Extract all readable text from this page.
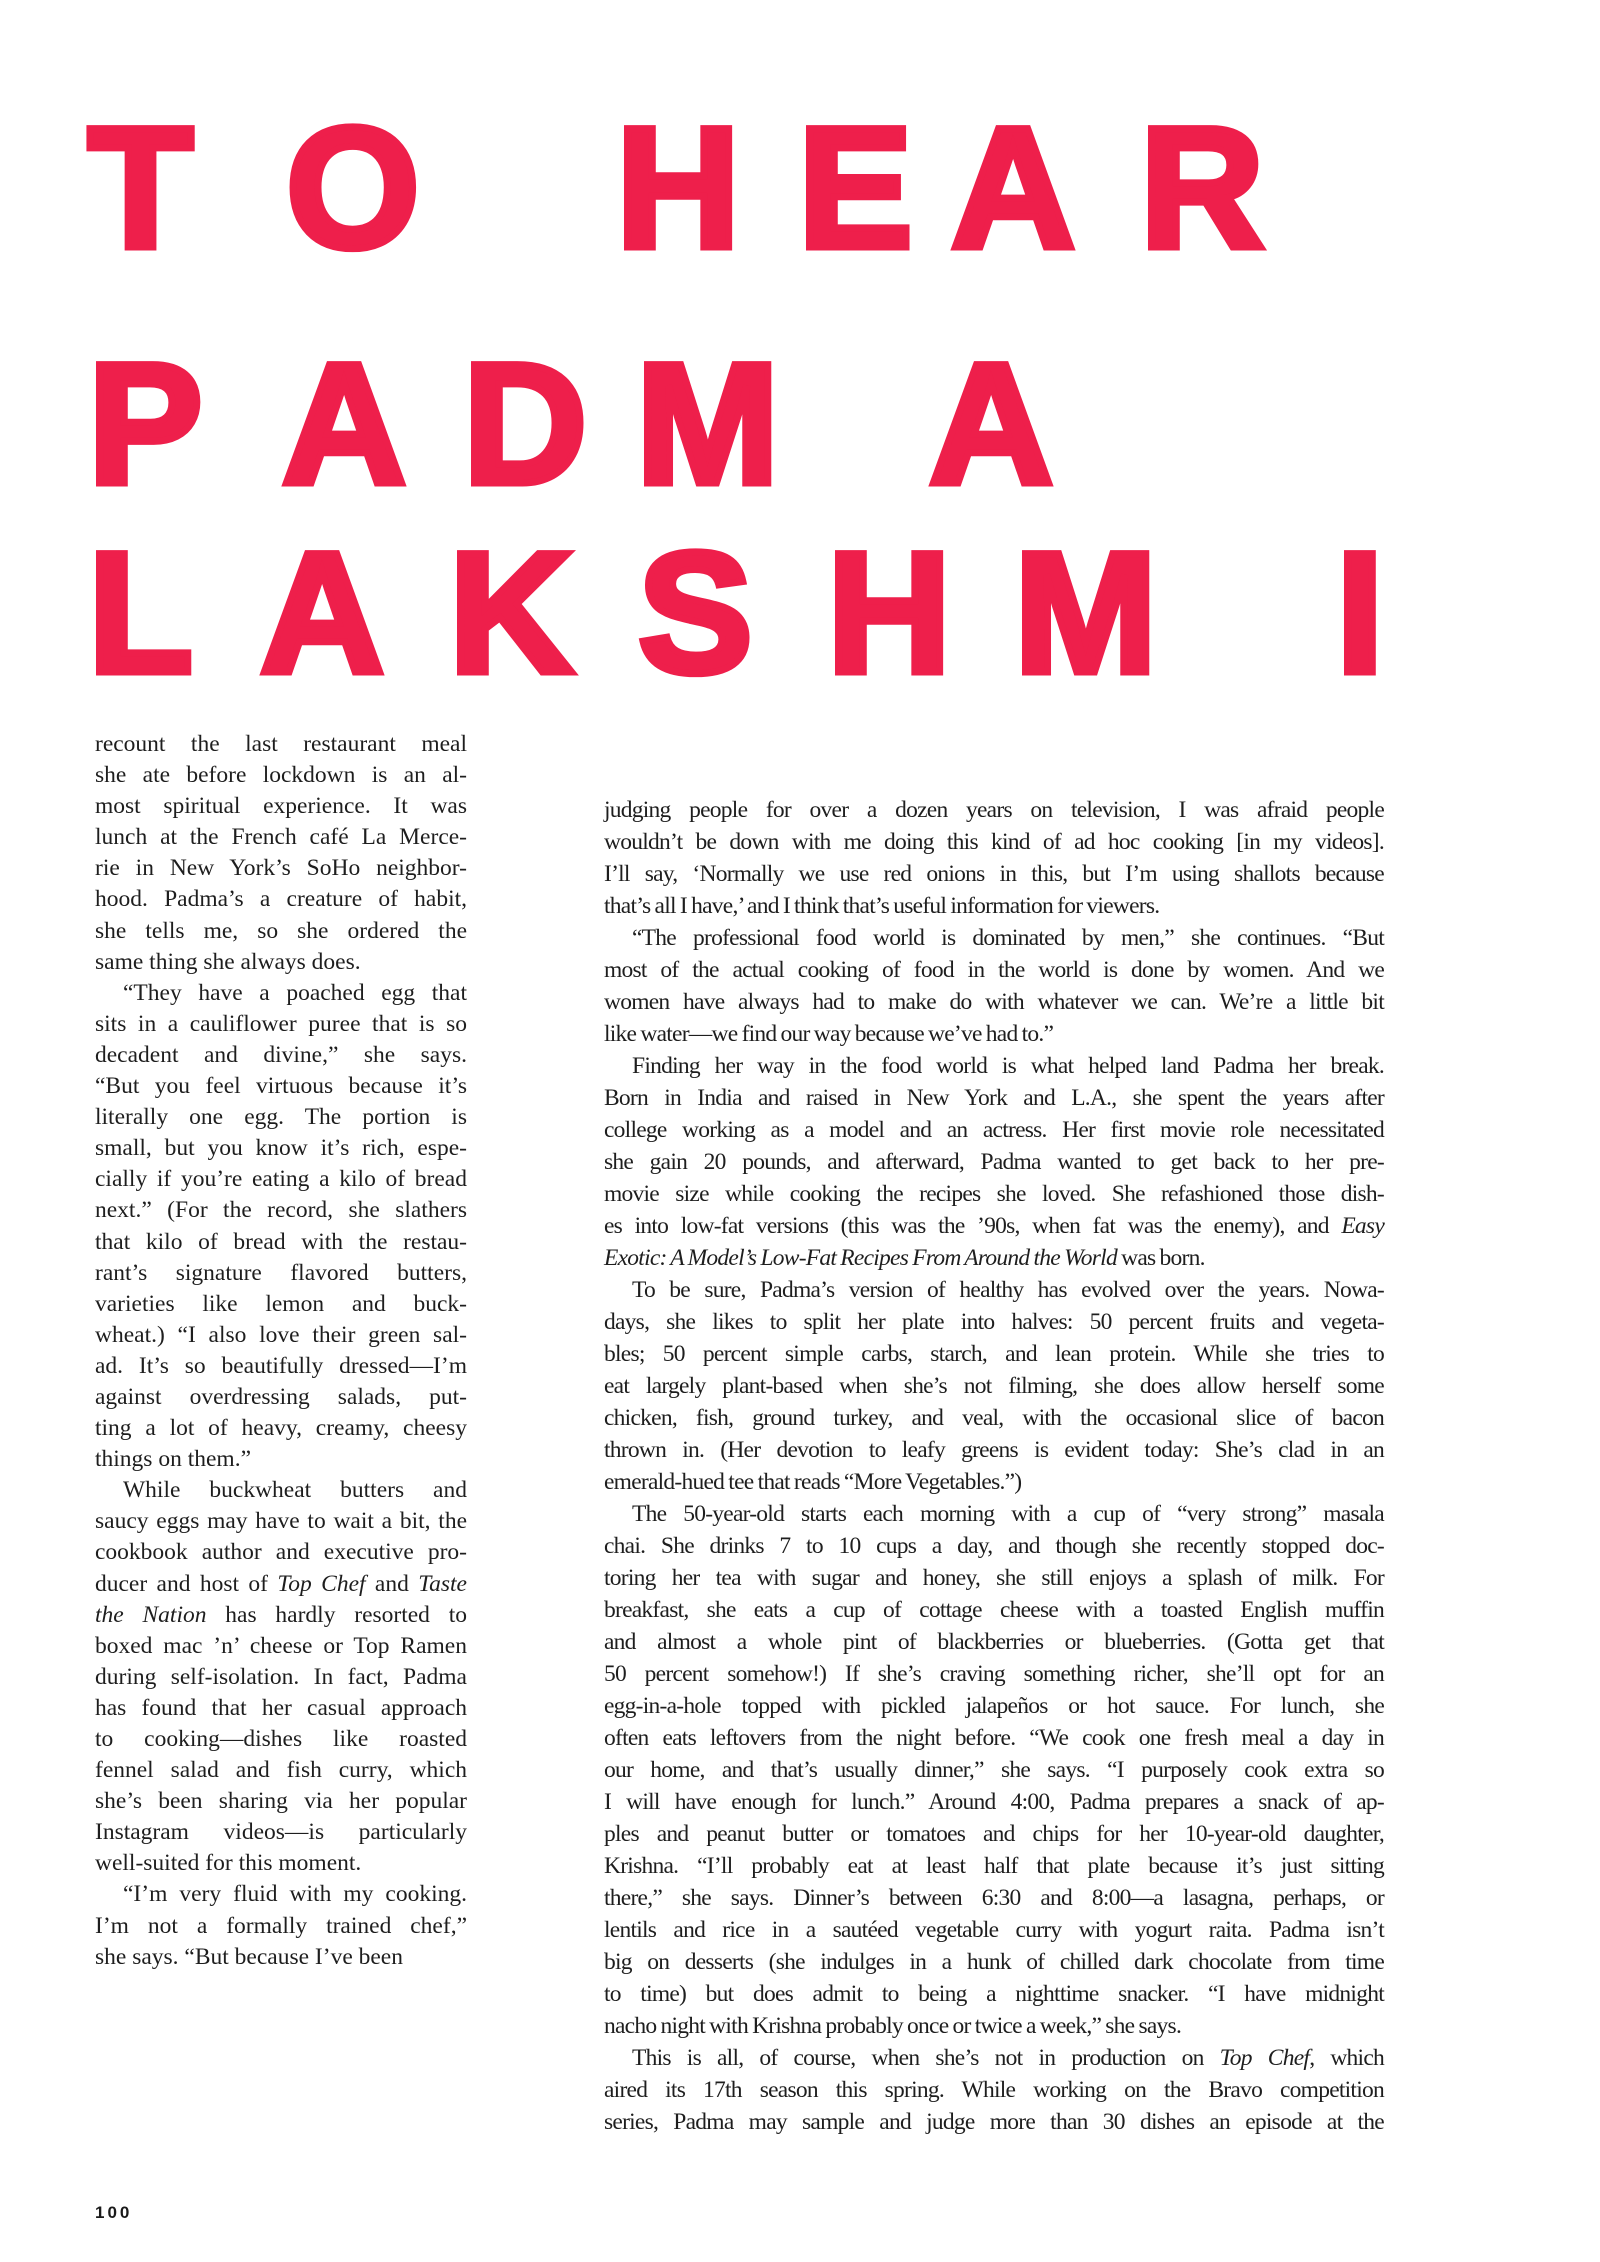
T O H E A R
P A D M A
L A K S H M I
recount the last restaurant meal
she ate before lockdown is an al-
most spiritual experience. It was
lunch at the French café La Merce-
rie in New York’s SoHo neighbor-
hood. Padma’s a creature of habit,
she tells me, so she ordered the
same thing she always does.
“They have a poached egg that
sits in a cauliflower puree that is so
decadent and divine,” she says.
“But you feel virtuous because it’s
literally one egg. The portion is
small, but you know it’s rich, espe-
cially if you’re eating a kilo of bread
next.” (For the record, she slathers
that kilo of bread with the restau-
rant’s signature flavored butters,
varieties like lemon and buck-
wheat.) “I also love their green sal-
ad. It’s so beautifully dressed—I’m
against overdressing salads, put-
ting a lot of heavy, creamy, cheesy
things on them.”
While buckwheat butters and
saucy eggs may have to wait a bit, the
cookbook author and executive pro-
ducer and host of Top Chef and Taste
the Nation has hardly resorted to
boxed mac ’n’ cheese or Top Ramen
during self-isolation. In fact, Padma
has found that her casual approach
to cooking—dishes like roasted
fennel salad and fish curry, which
she’s been sharing via her popular
Instagram videos—is particularly
well-suited for this moment.
“I’m very fluid with my cooking.
I’m not a formally trained chef,”
she says. “But because I’ve been
judging people for over a dozen years on television, I was afraid people
wouldn’t be down with me doing this kind of ad hoc cooking [in my videos].
I’ll say, ‘Normally we use red onions in this, but I’m using shallots because
that’s all I have,’ and I think that’s useful information for viewers.
“The professional food world is dominated by men,” she continues. “But
most of the actual cooking of food in the world is done by women. And we
women have always had to make do with whatever we can. We’re a little bit
like water—we find our way because we’ve had to.”
Finding her way in the food world is what helped land Padma her break.
Born in India and raised in New York and L.A., she spent the years after
college working as a model and an actress. Her first movie role necessitated
she gain 20 pounds, and afterward, Padma wanted to get back to her pre-
movie size while cooking the recipes she loved. She refashioned those dish-
es into low-fat versions (this was the ’90s, when fat was the enemy), and Easy
Exotic: A Model’s Low-Fat Recipes From Around the World was born.
To be sure, Padma’s version of healthy has evolved over the years. Nowa-
days, she likes to split her plate into halves: 50 percent fruits and vegeta-
bles; 50 percent simple carbs, starch, and lean protein. While she tries to
eat largely plant-based when she’s not filming, she does allow herself some
chicken, fish, ground turkey, and veal, with the occasional slice of bacon
thrown in. (Her devotion to leafy greens is evident today: She’s clad in an
emerald-hued tee that reads “More Vegetables.”)
The 50-year-old starts each morning with a cup of “very strong” masala
chai. She drinks 7 to 10 cups a day, and though she recently stopped doc-
toring her tea with sugar and honey, she still enjoys a splash of milk. For
breakfast, she eats a cup of cottage cheese with a toasted English muffin
and almost a whole pint of blackberries or blueberries. (Gotta get that
50 percent somehow!) If she’s craving something richer, she’ll opt for an
egg-in-a-hole topped with pickled jalapeños or hot sauce. For lunch, she
often eats leftovers from the night before. “We cook one fresh meal a day in
our home, and that’s usually dinner,” she says. “I purposely cook extra so
I will have enough for lunch.” Around 4:00, Padma prepares a snack of ap-
ples and peanut butter or tomatoes and chips for her 10-year-old daughter,
Krishna. “I’ll probably eat at least half that plate because it’s just sitting
there,” she says. Dinner’s between 6:30 and 8:00—a lasagna, perhaps, or
lentils and rice in a sautéed vegetable curry with yogurt raita. Padma isn’t
big on desserts (she indulges in a hunk of chilled dark chocolate from time
to time) but does admit to being a nighttime snacker. “I have midnight
nacho night with Krishna probably once or twice a week,” she says.
This is all, of course, when she’s not in production on Top Chef, which
aired its 17th season this spring. While working on the Bravo competition
series, Padma may sample and judge more than 30 dishes an episode at the
100
